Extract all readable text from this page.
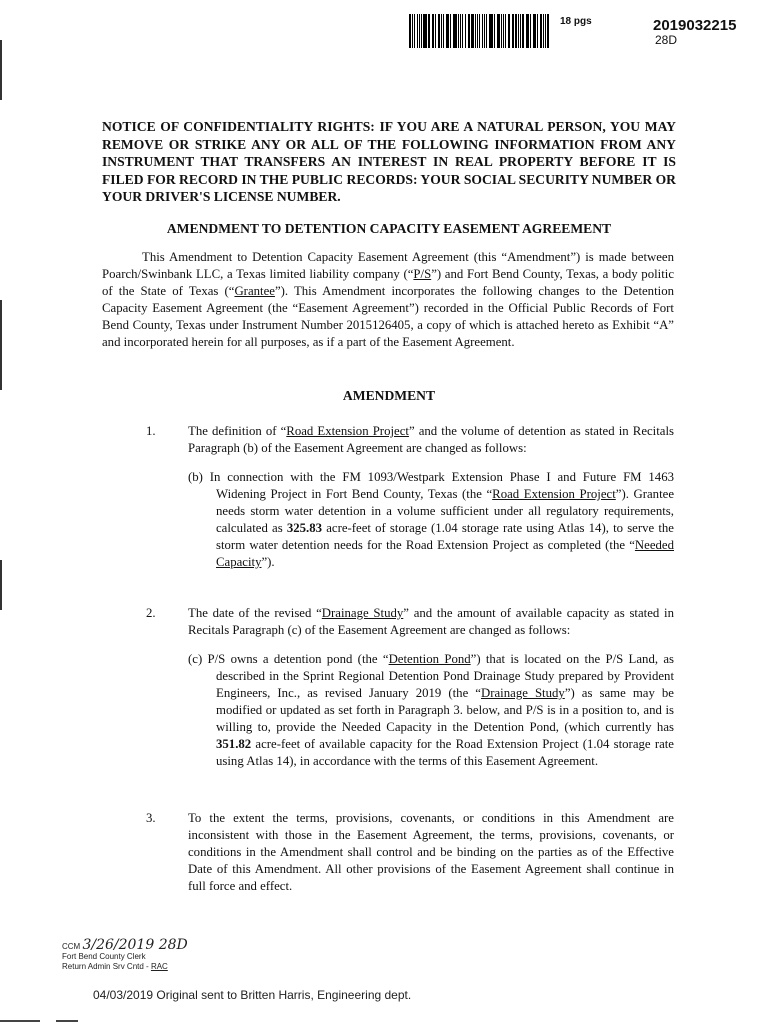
18 pgs	2019032215
28D

NOTICE OF CONFIDENTIALITY RIGHTS: IF YOU ARE A NATURAL PERSON, YOU MAY REMOVE OR STRIKE ANY OR ALL OF THE FOLLOWING INFORMATION FROM ANY INSTRUMENT THAT TRANSFERS AN INTEREST IN REAL PROPERTY BEFORE IT IS FILED FOR RECORD IN THE PUBLIC RECORDS: YOUR SOCIAL SECURITY NUMBER OR YOUR DRIVER'S LICENSE NUMBER.

AMENDMENT TO DETENTION CAPACITY EASEMENT AGREEMENT

This Amendment to Detention Capacity Easement Agreement (this “Amendment”) is made between Poarch/Swinbank LLC, a Texas limited liability company (“P/S”) and Fort Bend County, Texas, a body politic of the State of Texas (“Grantee”). This Amendment incorporates the following changes to the Detention Capacity Easement Agreement (the “Easement Agreement”) recorded in the Official Public Records of Fort Bend County, Texas under Instrument Number 2015126405, a copy of which is attached hereto as Exhibit “A” and incorporated herein for all purposes, as if a part of the Easement Agreement.

AMENDMENT

1.	The definition of “Road Extension Project” and the volume of detention as stated in Recitals Paragraph (b) of the Easement Agreement are changed as follows:
(b) In connection with the FM 1093/Westpark Extension Phase I and Future FM 1463 Widening Project in Fort Bend County, Texas (the “Road Extension Project”). Grantee needs storm water detention in a volume sufficient under all regulatory requirements, calculated as 325.83 acre-feet of storage (1.04 storage rate using Atlas 14), to serve the storm water detention needs for the Road Extension Project as completed (the “Needed Capacity”).
2.	The date of the revised “Drainage Study” and the amount of available capacity as stated in Recitals Paragraph (c) of the Easement Agreement are changed as follows:
(c) P/S owns a detention pond (the “Detention Pond”) that is located on the P/S Land, as described in the Sprint Regional Detention Pond Drainage Study prepared by Provident Engineers, Inc., as revised January 2019 (the “Drainage Study”) as same may be modified or updated as set forth in Paragraph 3. below, and P/S is in a position to, and is willing to, provide the Needed Capacity in the Detention Pond, (which currently has 351.82 acre-feet of available capacity for the Road Extension Project (1.04 storage rate using Atlas 14), in accordance with the terms of this Easement Agreement.
3.	To the extent the terms, provisions, covenants, or conditions in this Amendment are inconsistent with those in the Easement Agreement, the terms, provisions, covenants, or conditions in the Amendment shall control and be binding on the parties as of the Effective Date of this Amendment. All other provisions of the Easement Agreement shall continue in full force and effect.
CCM 3/26/2019 28D
Fort Bend County Clerk
Return Admin Srv Cntd - RAC
04/03/2019 Original sent to Britten Harris, Engineering dept.
